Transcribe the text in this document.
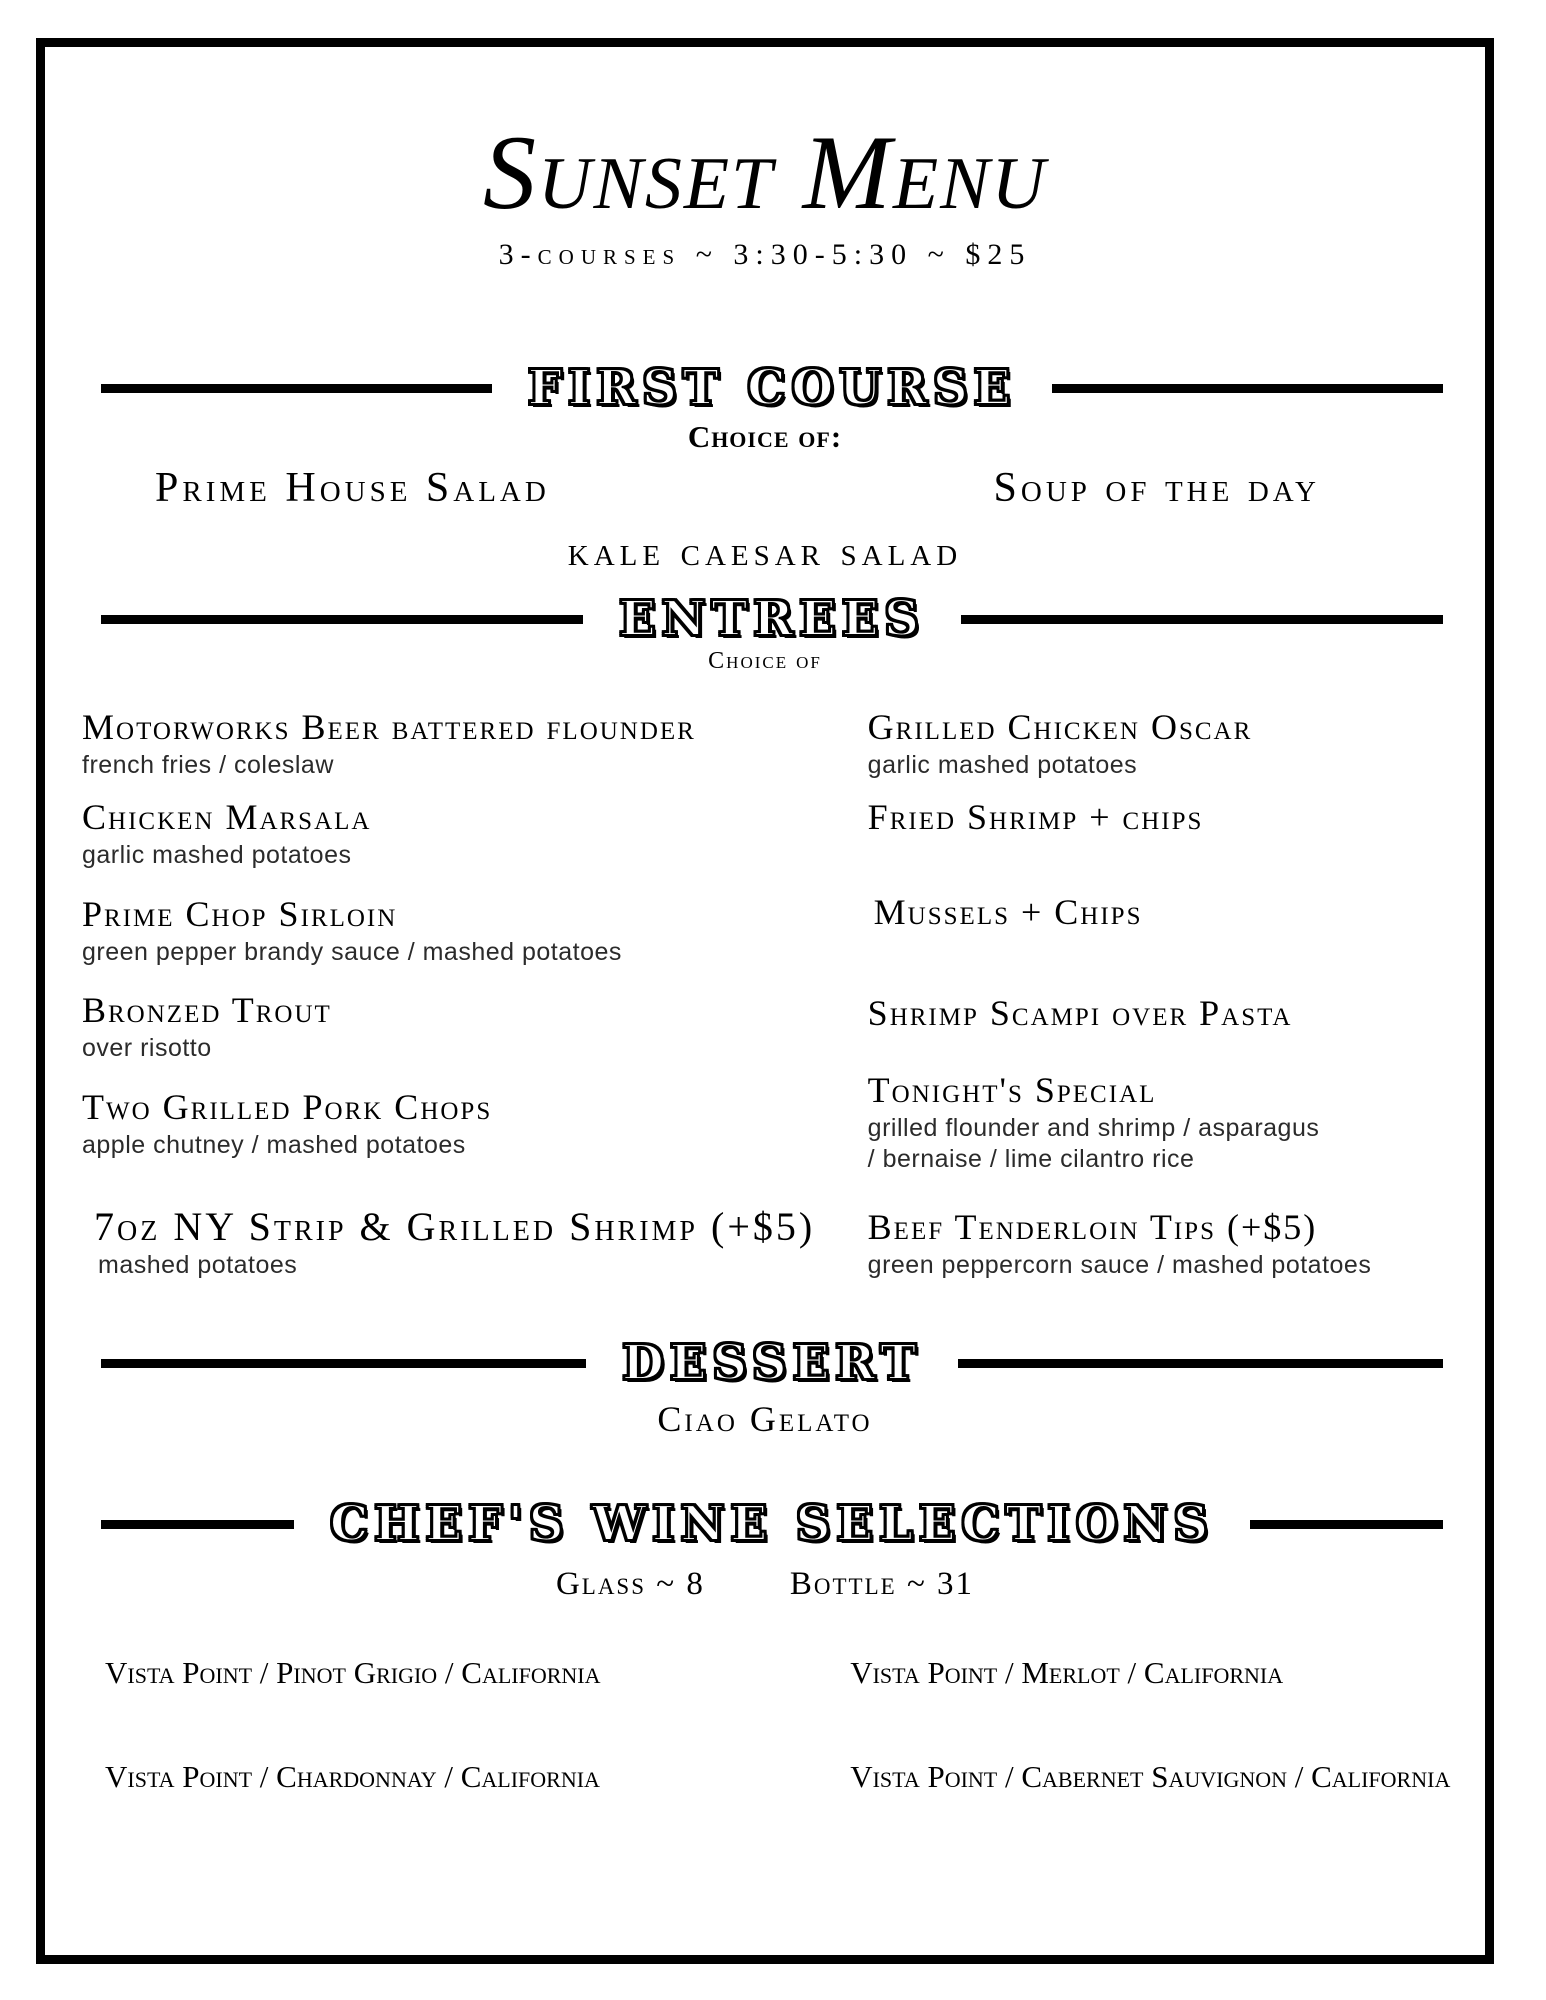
Sunset Menu
3-courses ~ 3:30-5:30 ~ $25
FIRST COURSE
Choice of:
Prime House Salad	Soup of the day
kale caesar salad
ENTREES
Choice of
Motorworks Beer battered flounder
french fries / coleslaw
Chicken Marsala
garlic mashed potatoes
Prime Chop Sirloin
green pepper brandy sauce / mashed potatoes
Bronzed Trout
over risotto
Two Grilled Pork Chops
apple chutney / mashed potatoes
7oz NY Strip & Grilled Shrimp (+$5)
mashed potatoes
Grilled Chicken Oscar
garlic mashed potatoes
Fried Shrimp + chips
Mussels + Chips
Shrimp Scampi over Pasta
Tonight's Special
grilled flounder and shrimp / asparagus
/ bernaise / lime cilantro rice
Beef Tenderloin Tips (+$5)
green peppercorn sauce / mashed potatoes
DESSERT
Ciao Gelato
CHEF'S WINE SELECTIONS
Glass ~ 8	Bottle ~ 31
Vista Point / Pinot Grigio / California	Vista Point / Merlot / California
Vista Point / Chardonnay / California	Vista Point / Cabernet Sauvignon / California
